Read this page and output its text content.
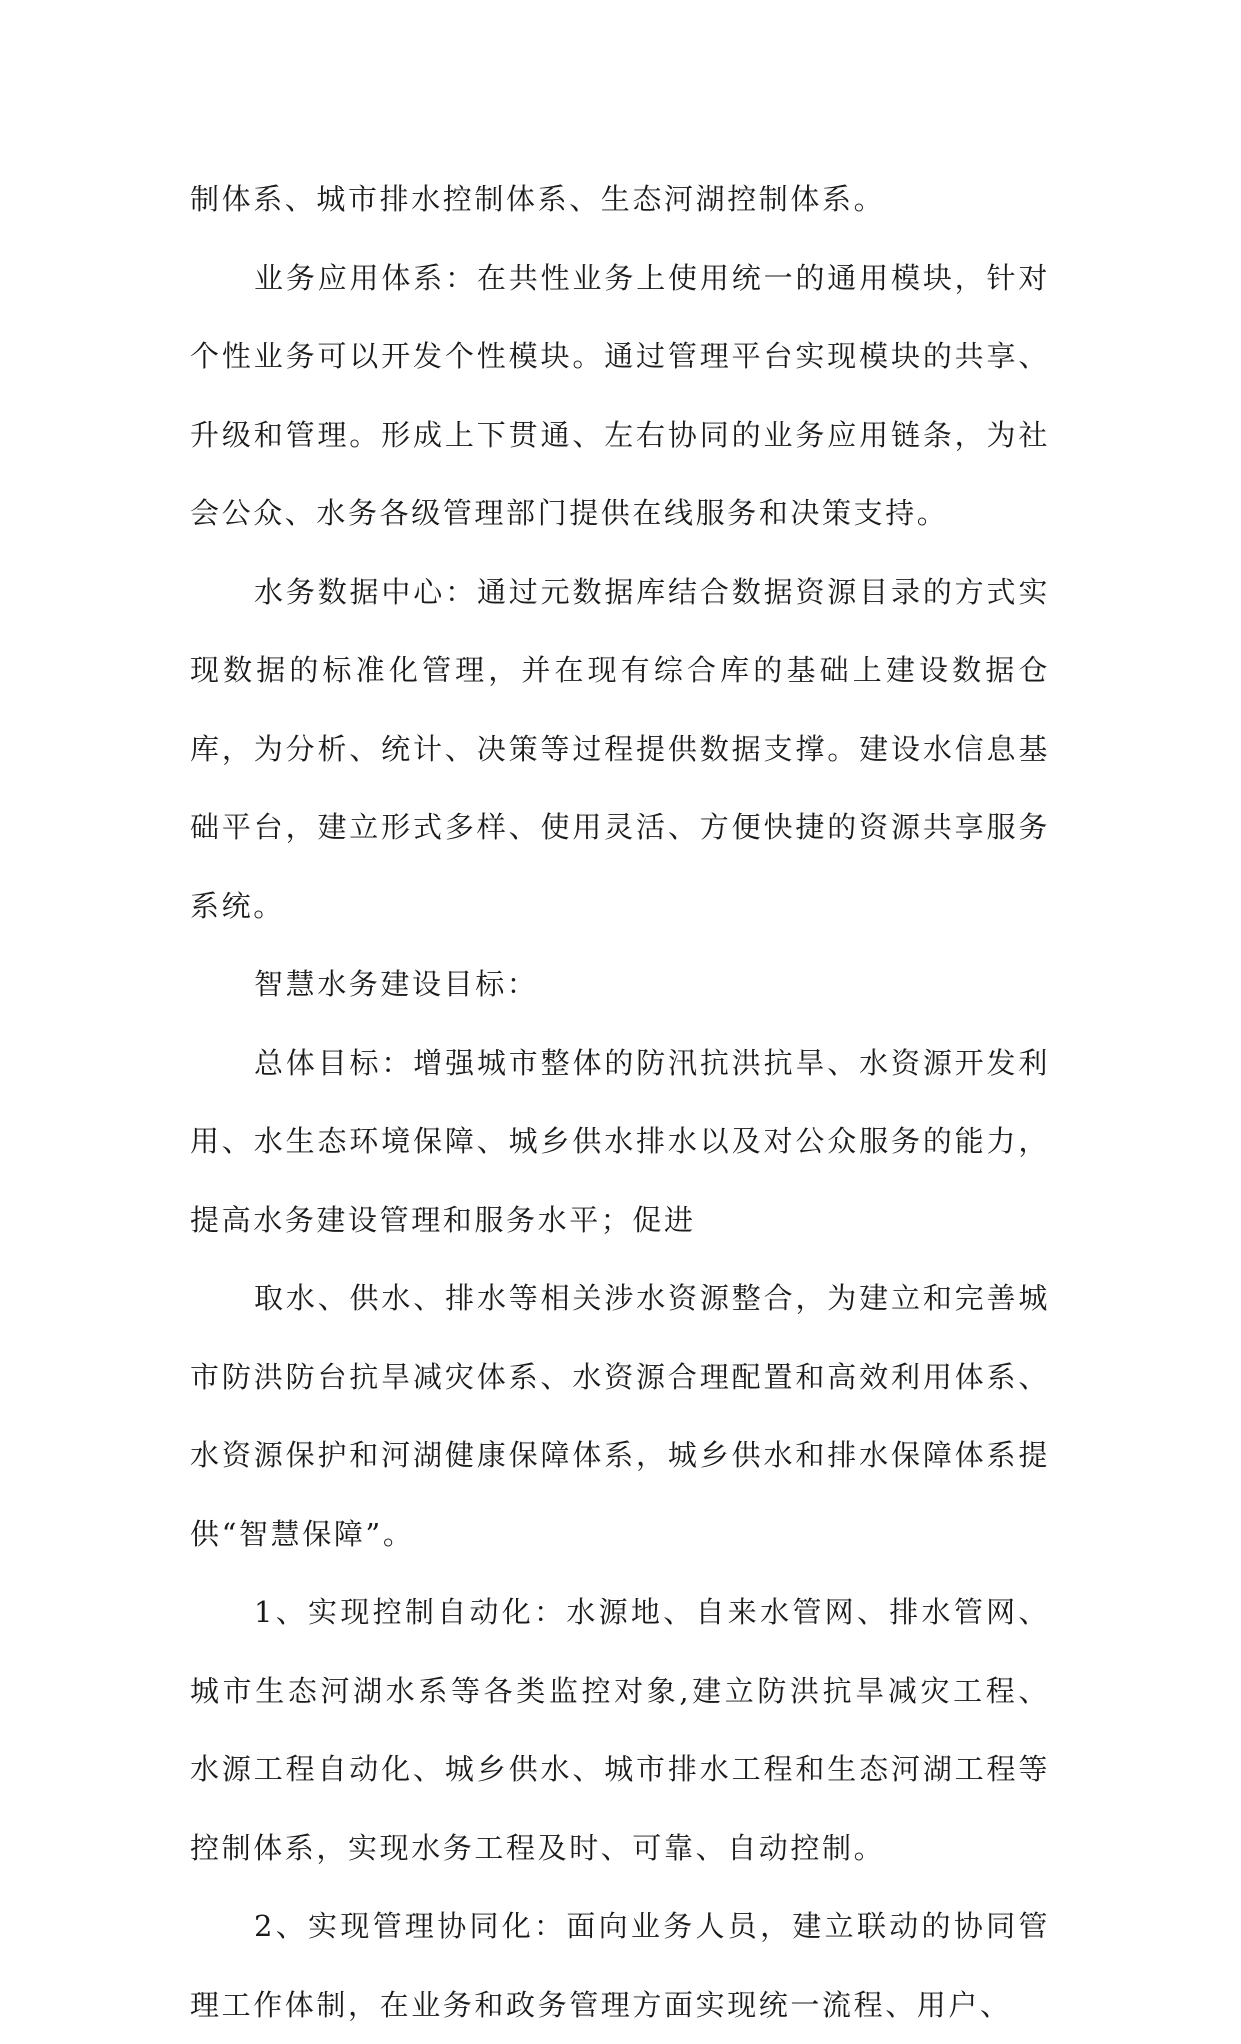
制体系、城市排水控制体系、生态河湖控制体系。

业务应用体系：在共性业务上使用统一的通用模块，针对个性业务可以开发个性模块。通过管理平台实现模块的共享、升级和管理。形成上下贯通、左右协同的业务应用链条，为社会公众、水务各级管理部门提供在线服务和决策支持。

水务数据中心：通过元数据库结合数据资源目录的方式实现数据的标准化管理，并在现有综合库的基础上建设数据仓库，为分析、统计、决策等过程提供数据支撑。建设水信息基础平台，建立形式多样、使用灵活、方便快捷的资源共享服务系统。

智慧水务建设目标：

总体目标：增强城市整体的防汛抗洪抗旱、水资源开发利用、水生态环境保障、城乡供水排水以及对公众服务的能力，提高水务建设管理和服务水平；促进

取水、供水、排水等相关涉水资源整合，为建立和完善城市防洪防台抗旱减灾体系、水资源合理配置和高效利用体系、水资源保护和河湖健康保障体系，城乡供水和排水保障体系提供“智慧保障”。

1、实现控制自动化：水源地、自来水管网、排水管网、城市生态河湖水系等各类监控对象,建立防洪抗旱减灾工程、水源工程自动化、城乡供水、城市排水工程和生态河湖工程等控制体系，实现水务工程及时、可靠、自动控制。

2、实现管理协同化：面向业务人员，建立联动的协同管理工作体制，在业务和政务管理方面实现统一流程、用户、
